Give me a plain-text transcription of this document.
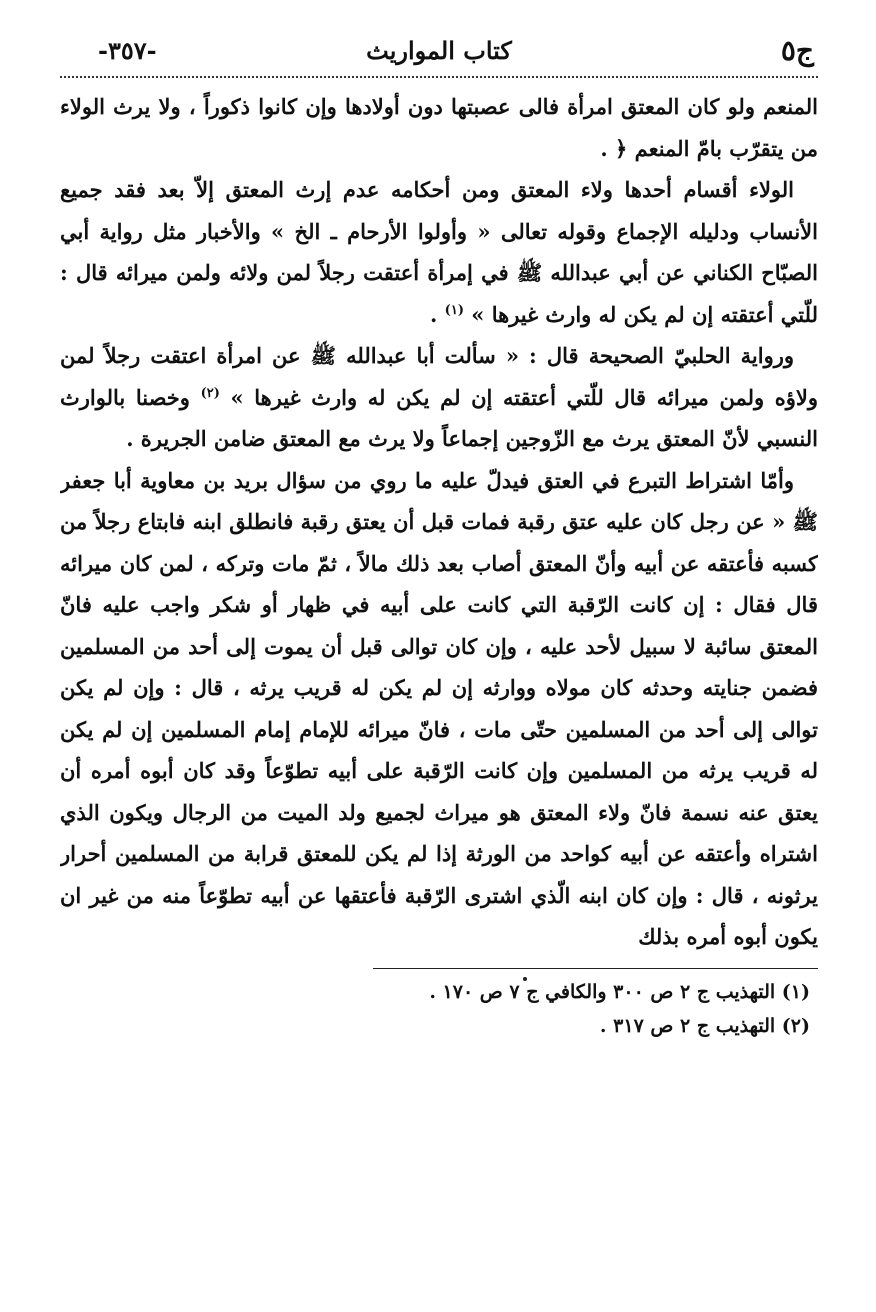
ج٥
كتاب المواريث
-٣٥٧-

المنعم ولو كان المعتق امرأة فالى عصبتها دون أولادها وإن كانوا ذكوراً ، ولا يرث الولاء من يتقرّب بامّ المنعم ﴿ .

الولاء أقسام أحدها ولاء المعتق ومن أحكامه عدم إرث المعتق إلاّ بعد فقد جميع الأنساب ودليله الإجماع وقوله تعالى « وأولوا الأرحام ـ الخ » والأخبار مثل رواية أبي الصبّاح الكناني عن أبي عبدالله ﷺ في إمرأة أعتقت رجلاً لمن ولائه ولمن ميرائه قال : للّتي أعتقته إن لم يكن له وارث غيرها » $^{(١)}$ .

ورواية الحلبيّ الصحيحة قال : « سألت أبا عبدالله ﷺ عن امرأة اعتقت رجلاً لمن ولاؤه ولمن ميرائه قال للّتي أعتقته إن لم يكن له وارث غيرها » $^{(٢)}$ وخصنا بالوارث النسبي لأنّ المعتق يرث مع الزّوجين إجماعاً ولا يرث مع المعتق ضامن الجريرة .

وأمّا اشتراط التبرع في العتق فيدلّ عليه ما روي من سؤال بريد بن معاوية أبا جعفر ﷺ « عن رجل كان عليه عتق رقبة فمات قبل أن يعتق رقبة فانطلق ابنه فابتاع رجلاً من كسبه فأعتقه عن أبيه وأنّ المعتق أصاب بعد ذلك مالاً ، ثمّ مات وتركه ، لمن كان ميرائه قال فقال : إن كانت الرّقبة التي كانت على أبيه في ظهار أو شكر واجب عليه فانّ المعتق سائبة لا سبيل لأحد عليه ، وإن كان توالى قبل أن يموت إلى أحد من المسلمين فضمن جنايته وحدثه كان مولاه ووارثه إن لم يكن له قريب يرثه ، قال : وإن لم يكن توالى إلى أحد من المسلمين حتّى مات ، فانّ ميرائه للإمام إمام المسلمين إن لم يكن له قريب يرثه من المسلمين وإن كانت الرّقبة على أبيه تطوّعاً وقد كان أبوه أمره أن يعتق عنه نسمة فانّ ولاء المعتق هو ميراث لجميع ولد الميت من الرجال ويكون الذي اشتراه وأعتقه عن أبيه كواحد من الورثة إذا لم يكن للمعتق قرابة من المسلمين أحرار يرثونه ، قال : وإن كان ابنه الّذي اشترى الرّقبة فأعتقها عن أبيه تطوّعاً منه من غير ان يكون أبوه أمره بذلك

(١) التهذيب ج ٢ ص ٣٠٠ والكافي ج ٧ ص ١٧٠ .
(٢) التهذيب ج ٢ ص ٣١٧ .
